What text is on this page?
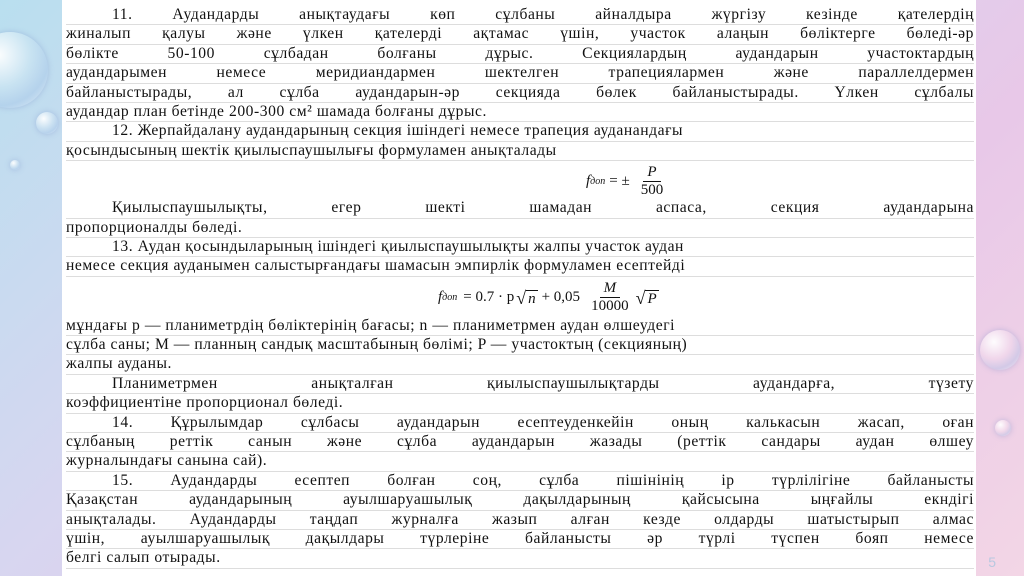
11. Аудандарды анықтаудағы көп сұлбаны айналдыра жүргізу кезінде қателердің
жиналып қалуы және үлкен қателерді ақтамас үшін, участок алаңын бөліктерге бөледі-әр
бөлікте 50-100 сұлбадан болғаны дұрыс. Секциялардың аудандарын участоктардың
аудандарымен немесе меридиандармен шектелген трапециялармен және параллелдермен
байланыстырады, ал сұлба аудандарын-әр секцияда бөлек байланыстырады. Үлкен сұлбалы
аудандар план бетінде 200-300 см² шамада болғаны дұрыс.
12. Жерпайдалану аудандарының секция ішіндегі немесе трапеция ауданандағы
қосындысының шектік қиылыспаушылығы формуламен анықталады
f доп = ± $\frac{P}{500}$
Қиылыспаушылықты, егер шекті шамадан аспаса, секция аудандарына
пропорционалды бөледі.
13. Аудан қосындыларының ішіндегі қиылыспаушылықты жалпы участок аудан
немесе секция ауданымен салыстырғандағы шамасын эмпирлік формуламен есептейді
f доп = 0.7 · p √ $n + 0,05 \frac{M}{10000}$ √ P
мұндағы p — планиметрдің бөліктерінің бағасы; n — планиметрмен аудан өлшеудегі
сұлба саны; M — планның сандық масштабының бөлімі; P — участоктың (секцияның)
жалпы ауданы.
Планиметрмен анықталған қиылыспаушылықтарды аудандарға, түзету
коэффициентіне пропорционал бөледі.
14. Құрылымдар сұлбасы аудандарын есептеуденкейін оның калькасын жасап, оған
сұлбаның реттік санын және сұлба аудандарын жазады (реттік сандары аудан өлшеу
журналындағы санына сай).
15. Аудандарды есептеп болған соң, сұлба пішінінің ір түрлілігіне байланысты
Қазақстан аудандарының ауылшаруашылық дақылдарының қайсысына ыңғайлы екндігі
анықталады. Аудандарды таңдап журналға жазып алған кезде олдарды шатыстырып алмас
үшін, ауылшаруашылық дақылдары түрлеріне байланысты әр түрлі түспен бояп немесе
белгі салып отырады.	5
